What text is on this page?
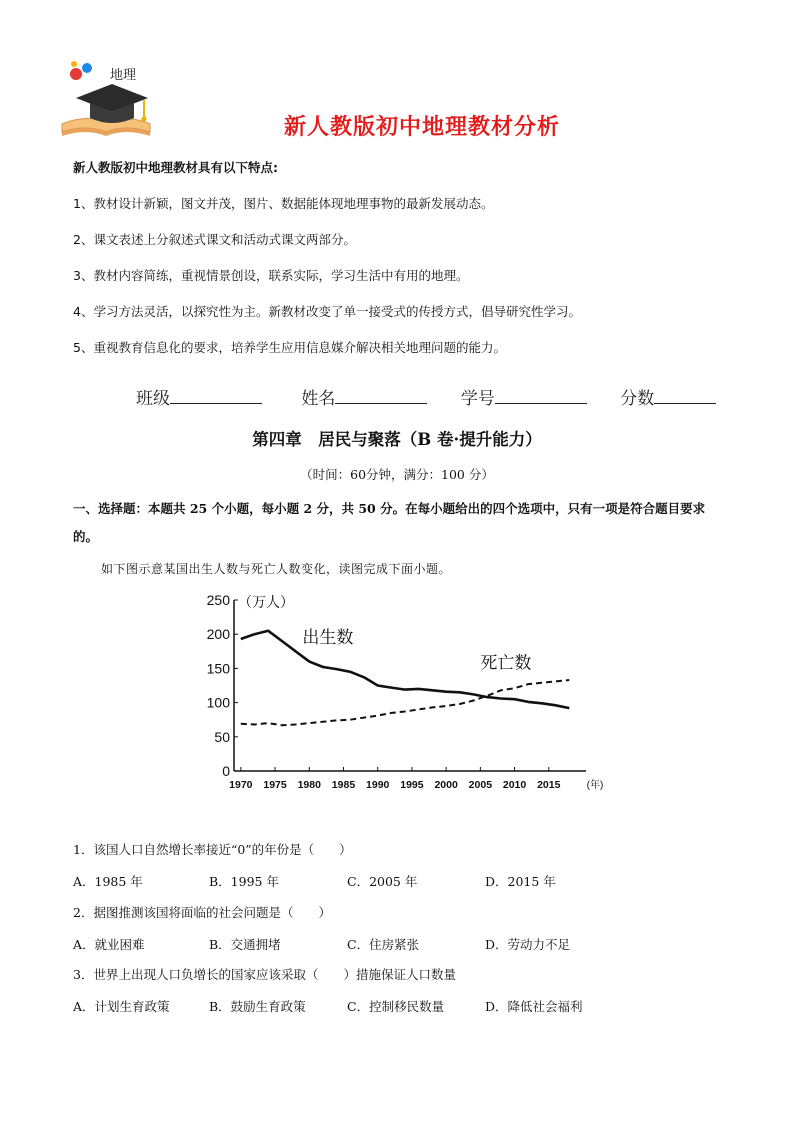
地理
新人教版初中地理教材分析
新人教版初中地理教材具有以下特点:
1、教材设计新颖，图文并茂，图片、数据能体现地理事物的最新发展动态。
2、课文表述上分叙述式课文和活动式课文两部分。
3、教材内容简练，重视情景创设，联系实际，学习生活中有用的地理。
4、学习方法灵活，以探究性为主。新教材改变了单一接受式的传授方式，倡导研究性学习。
5、重视教育信息化的要求，培养学生应用信息媒介解决相关地理问题的能力。
班级	姓名	学号	分数
第四章　居民与聚落（B 卷·提升能力）
（时间：60分钟，满分：100 分）
一、选择题：本题共 25 个小题，每小题 2 分，共 50 分。在每小题给出的四个选项中，只有一项是符合题目要求的。
如下图示意某国出生人数与死亡人数变化，读图完成下面小题。
250
200
150
100
50
0
（万人）
1970 1975 1980 1985 1990 1995 2000 2005 2010 2015	(年)
出生数
死亡数
1．该国人口自然增长率接近“0”的年份是（　　）
A．1985 年	B．1995 年	C．2005 年	D．2015 年
2．据图推测该国将面临的社会问题是（　　）
A．就业困难	B．交通拥堵	C．住房紧张	D．劳动力不足
3．世界上出现人口负增长的国家应该采取（　　）措施保证人口数量
A．计划生育政策	B．鼓励生育政策	C．控制移民数量	D．降低社会福利
